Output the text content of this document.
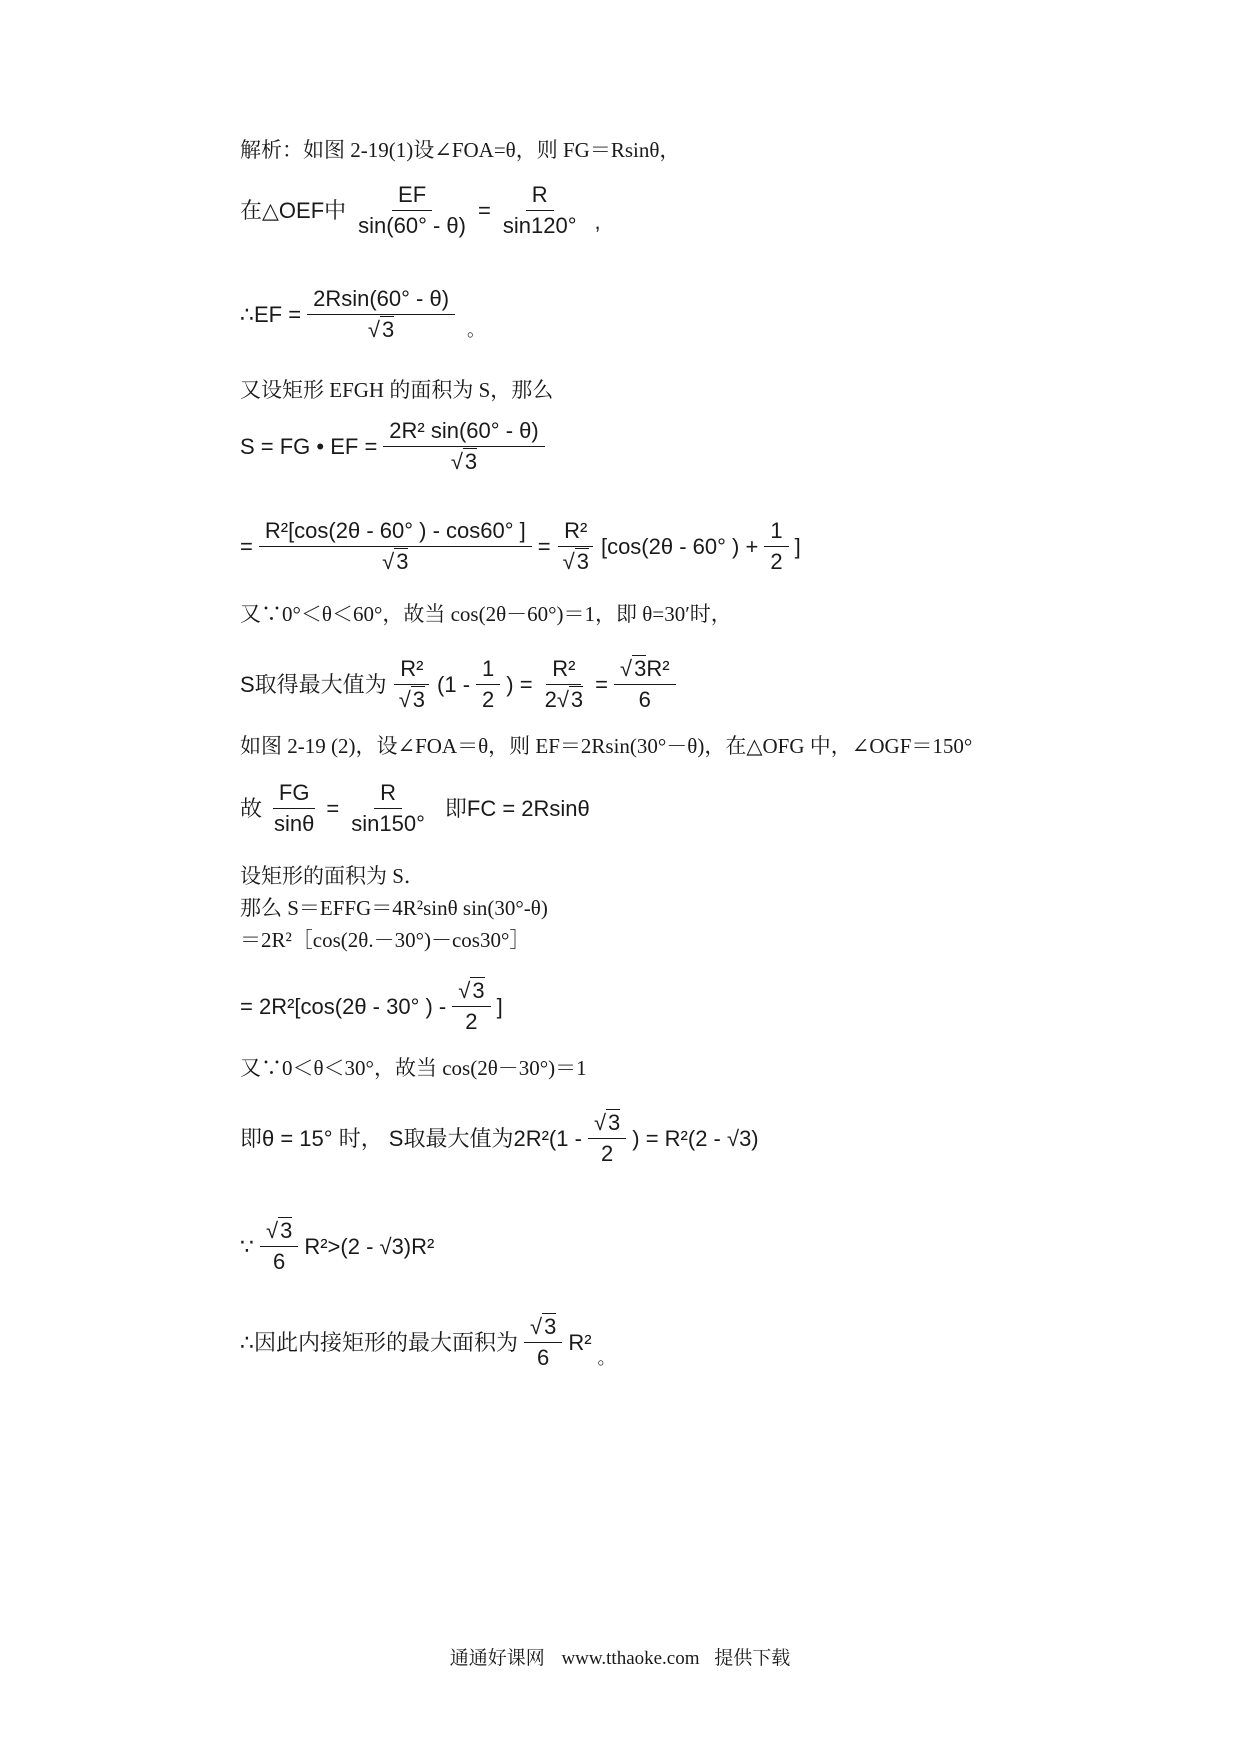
解析：如图 2-19(1)设∠FOA=θ，则 FG＝Rsinθ，
在△OEF中 $\frac{EF}{\sin(60^\circ - \theta)} = \frac{R}{\sin 120^\circ}$ ,
∴EF = $\frac{2Rsin(60^\circ - \theta)}{√3}$ 。
又设矩形 EFGH 的面积为 S，那么
S = FG • EF = $\frac{\text{2R² sin(60° - θ)}}{√3}$
= $\frac{\text{R²[cos(2θ - 60° ) - cos60° ]}}{√3} = \frac{\text{R²}}{√3} [\cos(2\theta - 60^\circ$ ) + $\frac{1}{2}$ ]
又∵0°＜θ＜60°，故当 cos(2θ－60°)＝1，即 θ=30′时，
S取得最大值为 $\frac{\text{R²}}{√3} (1 - \frac{1}{2}$ ) = $\frac{\text{R²}}{2√3} = \frac{\text{√3R²}}{6}$
如图 2-19 (2)，设∠FOA＝θ，则 EF＝2Rsin(30°－θ)，在△OFG 中，∠OGF＝150°
故 $\frac{FG}{\sin\theta} = \frac{R}{\sin 150^\circ}$ 即FC = 2Rsinθ
设矩形的面积为 S．
那么 S＝EFFG＝4R²sinθ sin(30°-θ)
＝2R²［cos(2θ.－30°)－cos30°］
= 2R²[cos(2θ - 30° ) - $\frac{√3}{2}$ ]
又∵0＜θ＜30°，故当 cos(2θ－30°)＝1
即θ = 15° 时， S取最大值为$2R^2(1 - \frac{√3}{2}$ ) = R²(2 - √3)
∵ $\frac{√3}{6} R^2>(2 - √3)R^2$
∴因此内接矩形的最大面积为 $\frac{√3}{6} R^2$
。
通通好课网 www.tthaoke.com 提供下载
